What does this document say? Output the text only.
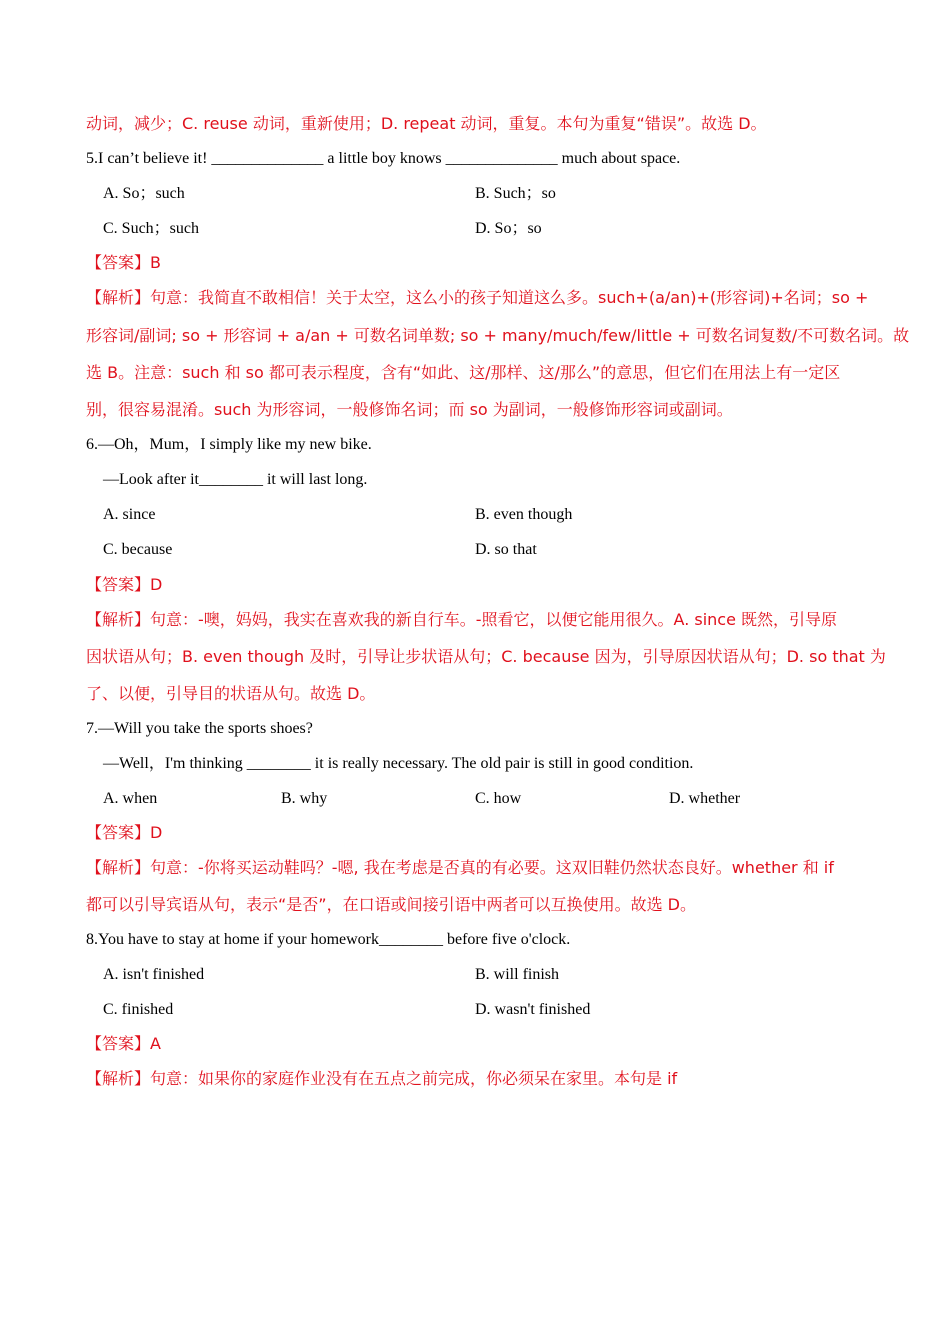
动词，减少；C. reuse 动词，重新使用；D. repeat 动词，重复。本句为重复“错误”。故选 D。
5.I can’t believe it! ______________ a little boy knows ______________ much about space.
A. So；such	B. Such；so
C. Such；such	D. So；so
【答案】B
【解析】句意：我简直不敢相信！关于太空，这么小的孩子知道这么多。such+(a/an)+(形容词)+名词；so +
形容词/副词; so + 形容词 + a/an + 可数名词单数; so + many/much/few/little + 可数名词复数/不可数名词。故
选 B。注意：such 和 so 都可表示程度，含有“如此、这/那样、这/那么”的意思，但它们在用法上有一定区
别，很容易混淆。such 为形容词，一般修饰名词；而 so 为副词，一般修饰形容词或副词。
6.—Oh，Mum，I simply like my new bike.
—Look after it________ it will last long.
A. since	B. even though
C. because	D. so that
【答案】D
【解析】句意：-噢，妈妈，我实在喜欢我的新自行车。-照看它，以便它能用很久。A. since 既然，引导原
因状语从句；B. even though 及时，引导让步状语从句；C. because 因为，引导原因状语从句；D. so that 为
了、以便，引导目的状语从句。故选 D。
7.—Will you take the sports shoes?
—Well，I'm thinking ________ it is really necessary. The old pair is still in good condition.
A. when	B. why	C. how	D. whether
【答案】D
【解析】句意：-你将买运动鞋吗？-嗯, 我在考虑是否真的有必要。这双旧鞋仍然状态良好。whether 和 if
都可以引导宾语从句，表示“是否”，在口语或间接引语中两者可以互换使用。故选 D。
8.You have to stay at home if your homework________ before five o'clock.
A. isn't finished	B. will finish
C. finished	D. wasn't finished
【答案】A
【解析】句意：如果你的家庭作业没有在五点之前完成，你必须呆在家里。本句是 if
